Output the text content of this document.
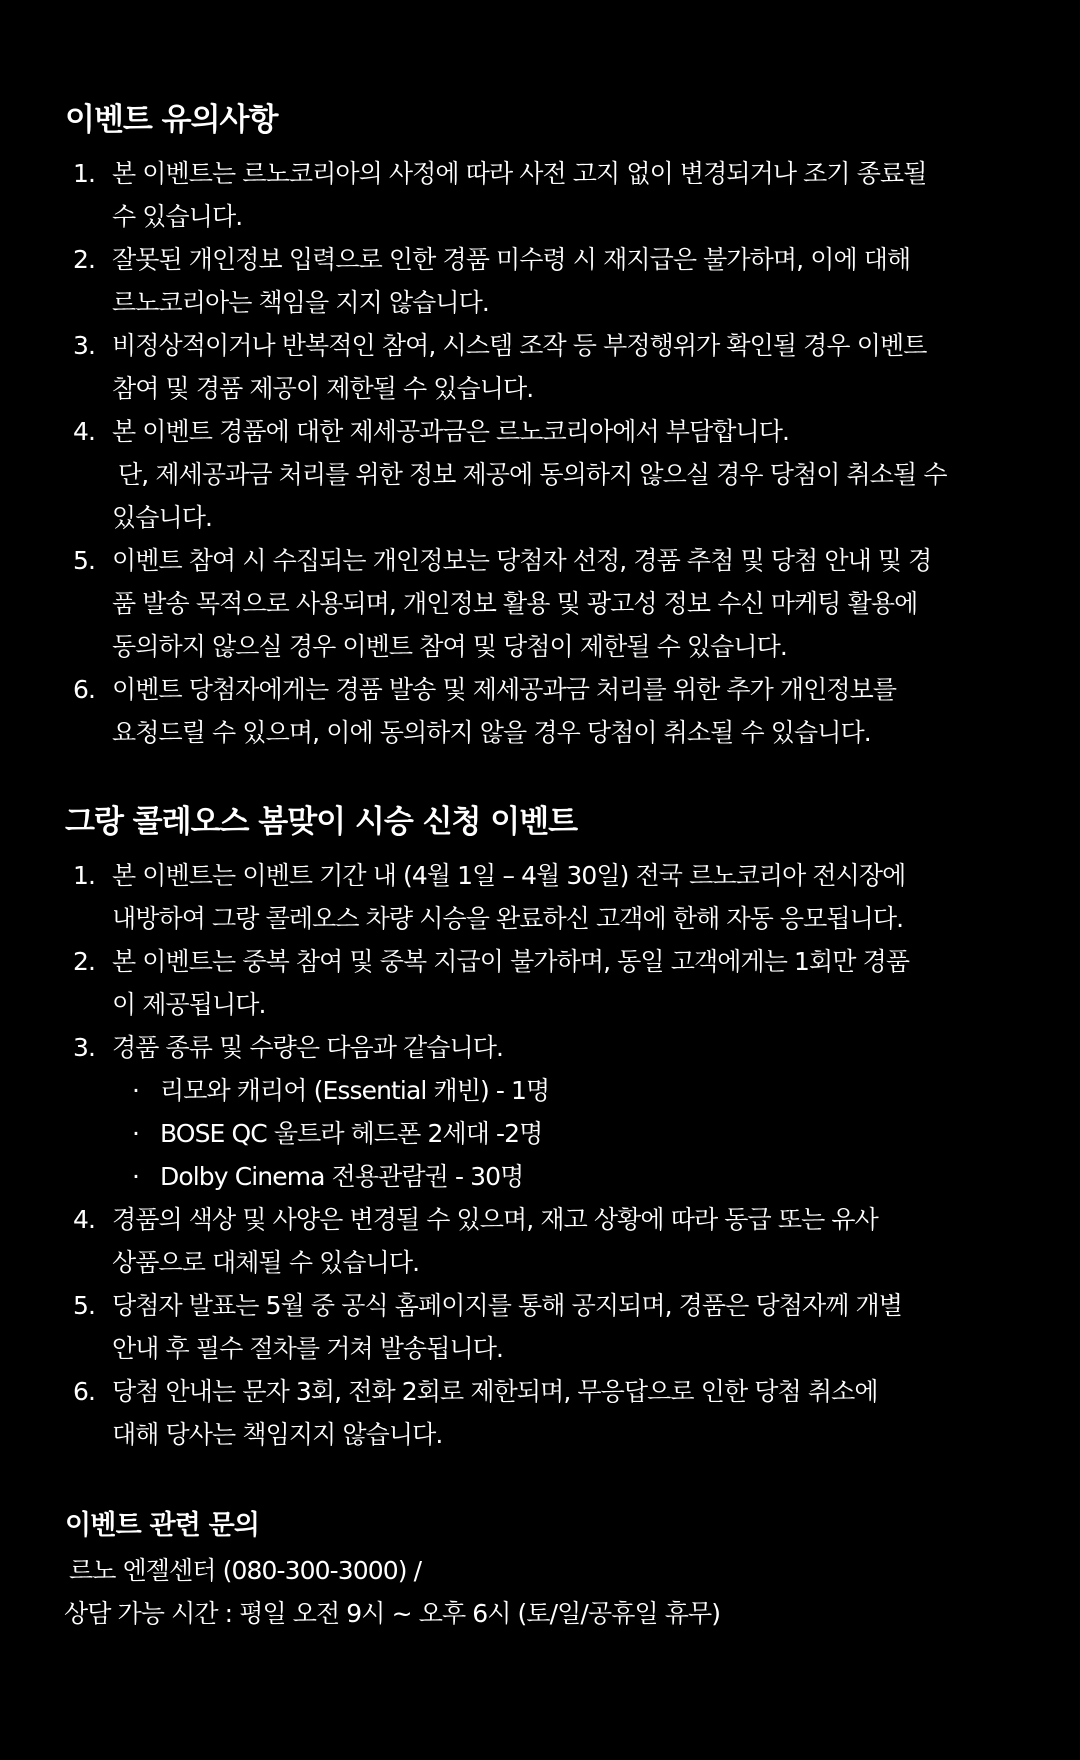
이벤트 유의사항
1. 본 이벤트는 르노코리아의 사정에 따라 사전 고지 없이 변경되거나 조기 종료될
수 있습니다.
2. 잘못된 개인정보 입력으로 인한 경품 미수령 시 재지급은 불가하며, 이에 대해
르노코리아는 책임을 지지 않습니다.
3. 비정상적이거나 반복적인 참여, 시스템 조작 등 부정행위가 확인될 경우 이벤트
참여 및 경품 제공이 제한될 수 있습니다.
4. 본 이벤트 경품에 대한 제세공과금은 르노코리아에서 부담합니다.
단, 제세공과금 처리를 위한 정보 제공에 동의하지 않으실 경우 당첨이 취소될 수
있습니다.
5. 이벤트 참여 시 수집되는 개인정보는 당첨자 선정, 경품 추첨 및 당첨 안내 및 경
품 발송 목적으로 사용되며, 개인정보 활용 및 광고성 정보 수신 마케팅 활용에
동의하지 않으실 경우 이벤트 참여 및 당첨이 제한될 수 있습니다.
6. 이벤트 당첨자에게는 경품 발송 및 제세공과금 처리를 위한 추가 개인정보를
요청드릴 수 있으며, 이에 동의하지 않을 경우 당첨이 취소될 수 있습니다.
그랑 콜레오스 봄맞이 시승 신청 이벤트
1. 본 이벤트는 이벤트 기간 내 (4월 1일 – 4월 30일) 전국 르노코리아 전시장에
내방하여 그랑 콜레오스 차량 시승을 완료하신 고객에 한해 자동 응모됩니다.
2. 본 이벤트는 중복 참여 및 중복 지급이 불가하며, 동일 고객에게는 1회만 경품
이 제공됩니다.
3. 경품 종류 및 수량은 다음과 같습니다.
· 리모와 캐리어 (Essential 캐빈) - 1명
· BOSE QC 울트라 헤드폰 2세대 -2명
· Dolby Cinema 전용관람권 - 30명
4. 경품의 색상 및 사양은 변경될 수 있으며, 재고 상황에 따라 동급 또는 유사
상품으로 대체될 수 있습니다.
5. 당첨자 발표는 5월 중 공식 홈페이지를 통해 공지되며, 경품은 당첨자께 개별
안내 후 필수 절차를 거쳐 발송됩니다.
6. 당첨 안내는 문자 3회, 전화 2회로 제한되며, 무응답으로 인한 당첨 취소에
대해 당사는 책임지지 않습니다.
이벤트 관련 문의
르노 엔젤센터 (080-300-3000) /
상담 가능 시간 : 평일 오전 9시 ~ 오후 6시 (토/일/공휴일 휴무)
